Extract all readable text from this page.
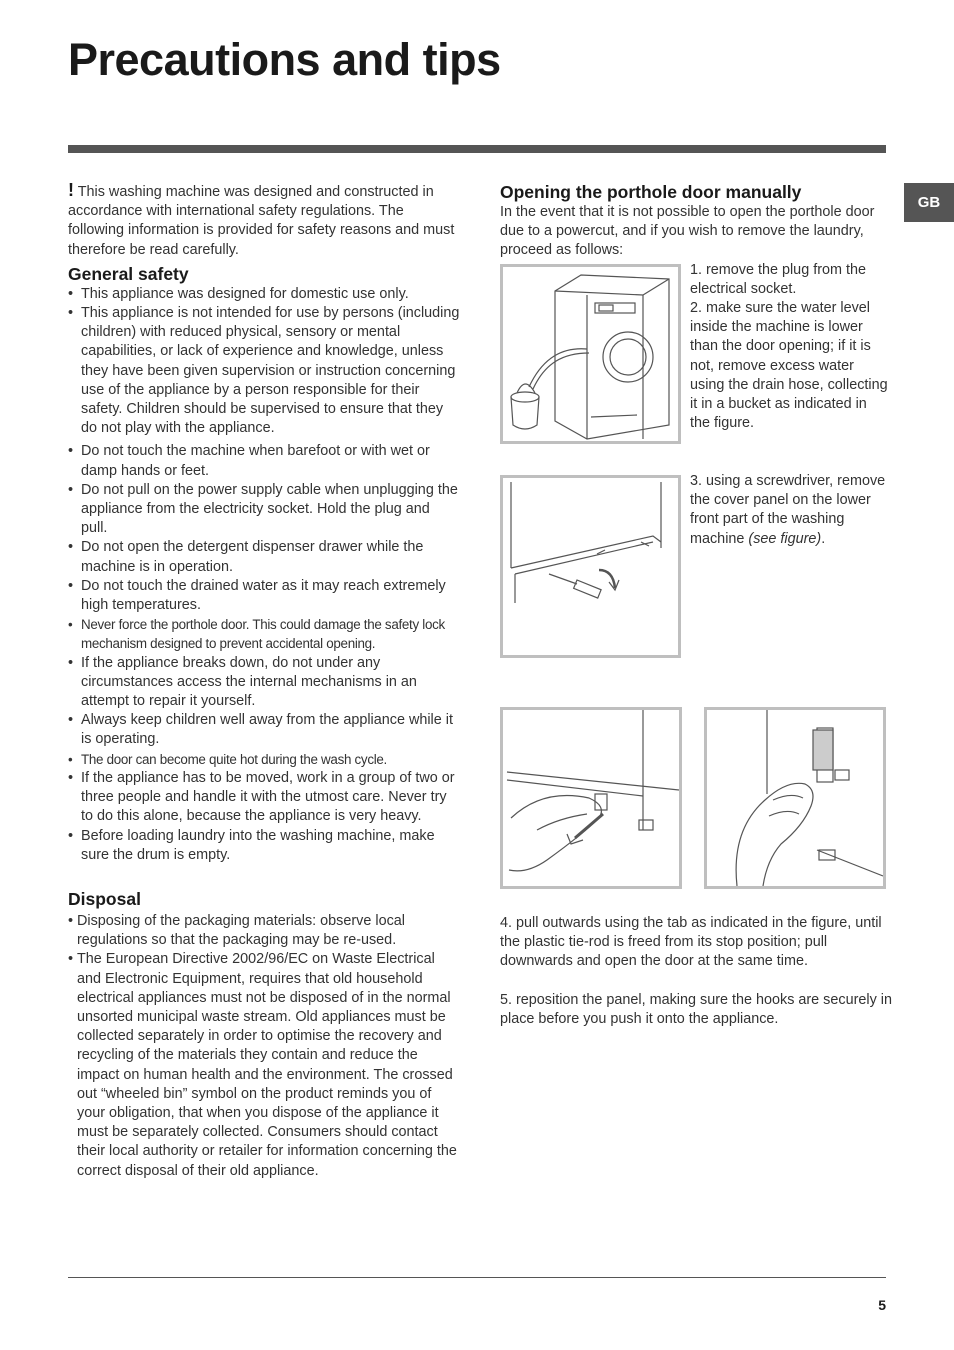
Precautions and tips
GB

! This washing machine was designed and constructed in accordance with international safety regulations. The following information is provided for safety reasons and must therefore be read carefully.

General safety
• This appliance was designed for domestic use only.
• This appliance is not intended for use by persons (including children) with reduced physical, sensory or mental capabilities, or lack of experience and knowledge, unless they have been given supervision or instruction concerning use of the appliance by a person responsible for their safety. Children should be supervised to ensure that they do not play with the appliance.
• Do not touch the machine when barefoot or with wet or damp hands or feet.
• Do not pull on the power supply cable when unplugging the appliance from the electricity socket. Hold the plug and pull.
• Do not open the detergent dispenser drawer while the machine is in operation.
• Do not touch the drained water as it may reach extremely high temperatures.
• Never force the porthole door. This could damage the safety lock mechanism designed to prevent accidental opening.
• If the appliance breaks down, do not under any circumstances access the internal mechanisms in an attempt to repair it yourself.
• Always keep children well away from the appliance while it is operating.
• The door can become quite hot during the wash cycle.
• If the appliance has to be moved, work in a group of two or three people and handle it with the utmost care. Never try to do this alone, because the appliance is very heavy.
• Before loading laundry into the washing machine, make sure the drum is empty.
Disposal
• Disposing of the packaging materials: observe local regulations so that the packaging may be re-used.
• The European Directive 2002/96/EC on Waste Electrical and Electronic Equipment, requires that old household electrical appliances must not be disposed of in the normal unsorted municipal waste stream. Old appliances must be collected separately in order to optimise the recovery and recycling of the materials they contain and reduce the impact on human health and the environment. The crossed out “wheeled bin” symbol on the product reminds you of your obligation, that when you dispose of the appliance it must be separately collected. Consumers should contact their local authority or retailer for information concerning the correct disposal of their old appliance.
Opening the porthole door manually

In the event that it is not possible to open the porthole door due to a powercut, and if you wish to remove the laundry, proceed as follows:

1. remove the plug from the electrical socket.
2. make sure the water level inside the machine is lower than the door opening; if it is not, remove excess water using the drain hose, collecting it in a bucket as indicated in the figure.
3. using a screwdriver, remove the cover panel on the lower front part of the washing machine (see figure).

4. pull outwards using the tab as indicated in the figure, until the plastic tie-rod is freed from its stop position; pull downwards and open the door at the same time.

5. reposition the panel, making sure the hooks are securely in place before you push it onto the appliance.

5
